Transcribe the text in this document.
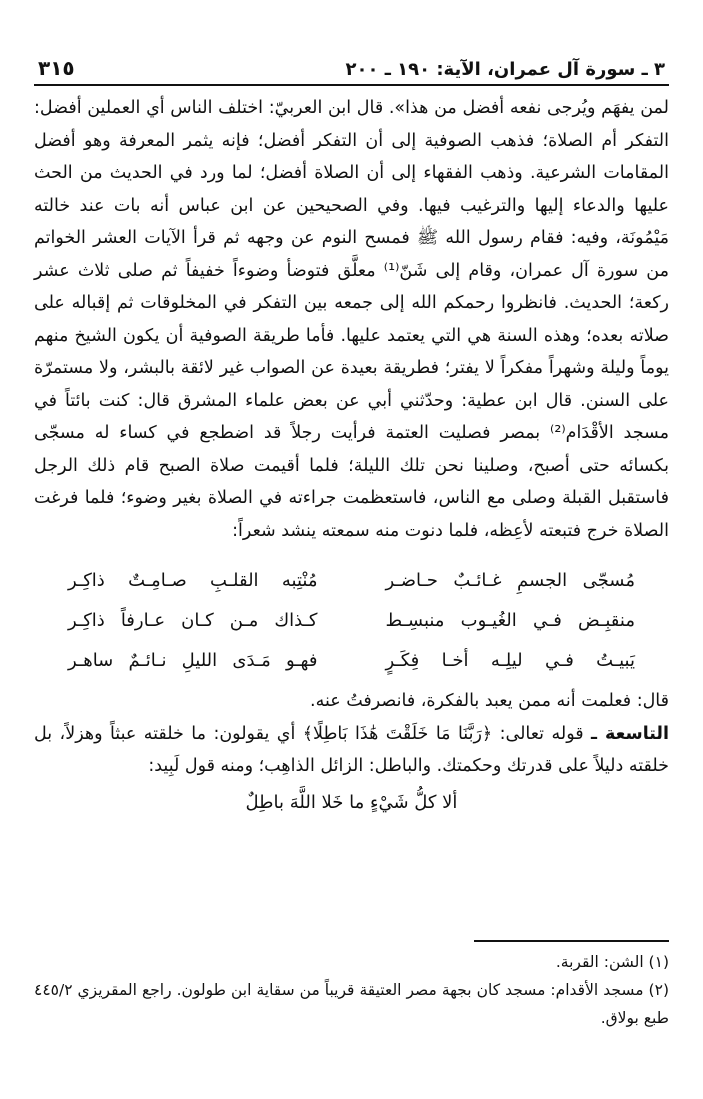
٣ ـ سورة آل عمران، الآية: ١٩٠ ـ ٢٠٠
٣١٥

لمن يفهَم ويُرجى نفعه أفضل من هذا». قال ابن العربيّ: اختلف الناس أي العملين أفضل: التفكر أم الصلاة؛ فذهب الصوفية إلى أن التفكر أفضل؛ فإنه يثمر المعرفة وهو أفضل المقامات الشرعية. وذهب الفقهاء إلى أن الصلاة أفضل؛ لما ورد في الحديث من الحث عليها والدعاء إليها والترغيب فيها. وفي الصحيحين عن ابن عباس أنه بات عند خالته مَيْمُونَة، وفيه: فقام رسول الله ﷺ فمسح النوم عن وجهه ثم قرأ الآيات العشر الخواتم من سورة آل عمران، وقام إلى شَنّ⁽¹⁾ معلَّق فتوضأ وضوءاً خفيفاً ثم صلى ثلاث عشر ركعة؛ الحديث. فانظروا رحمكم الله إلى جمعه بين التفكر في المخلوقات ثم إقباله على صلاته بعده؛ وهذه السنة هي التي يعتمد عليها. فأما طريقة الصوفية أن يكون الشيخ منهم يوماً وليلة وشهراً مفكراً لا يفتر؛ فطريقة بعيدة عن الصواب غير لائقة بالبشر، ولا مستمرّة على السنن. قال ابن عطية: وحدّثني أبي عن بعض علماء المشرق قال: كنت بائتاً في مسجد الأقْدَام⁽²⁾ بمصر فصليت العتمة فرأيت رجلاً قد اضطجع في كساء له مسجّى بكسائه حتى أصبح، وصلينا نحن تلك الليلة؛ فلما أقيمت صلاة الصبح قام ذلك الرجل فاستقبل القبلة وصلى مع الناس، فاستعظمت جراءته في الصلاة بغير وضوء؛ فلما فرغت الصلاة خرج فتبعته لأعِظه، فلما دنوت منه سمعته ينشد شعراً:

مُسجّى الجسمِ غـائـبٌ حـاضـر
مُنْتِبه القلـبِ صـامِـتٌ ذاكِـر
منقبِـض فـي الغُيـوب منبسِـط
كـذاك مـن كـان عـارفاً ذاكِـر
يَبيـتُ فـي ليلِـه أخـا فِكَـرٍ
فهـو مَـدَى الليلِ نـائـمٌ ساهـر

قال: فعلمت أنه ممن يعبد بالفكرة، فانصرفتُ عنه.

التاسعة ـ قوله تعالى: ﴿رَبَّنَا مَا خَلَقْتَ هَٰذَا بَاطِلًا﴾ أي يقولون: ما خلقته عبثاً وهزلاً، بل خلقته دليلاً على قدرتك وحكمتك. والباطل: الزائل الذاهِب؛ ومنه قول لَبِيد:

ألا كلُّ شَيْءٍ ما خَلا اللَّهَ باطِلٌ

(١) الشن: القربة.

(٢) مسجد الأقدام: مسجد كان بجهة مصر العتيقة قريباً من سقاية ابن طولون. راجع المقريزي ٤٤٥/٢ طبع بولاق.
